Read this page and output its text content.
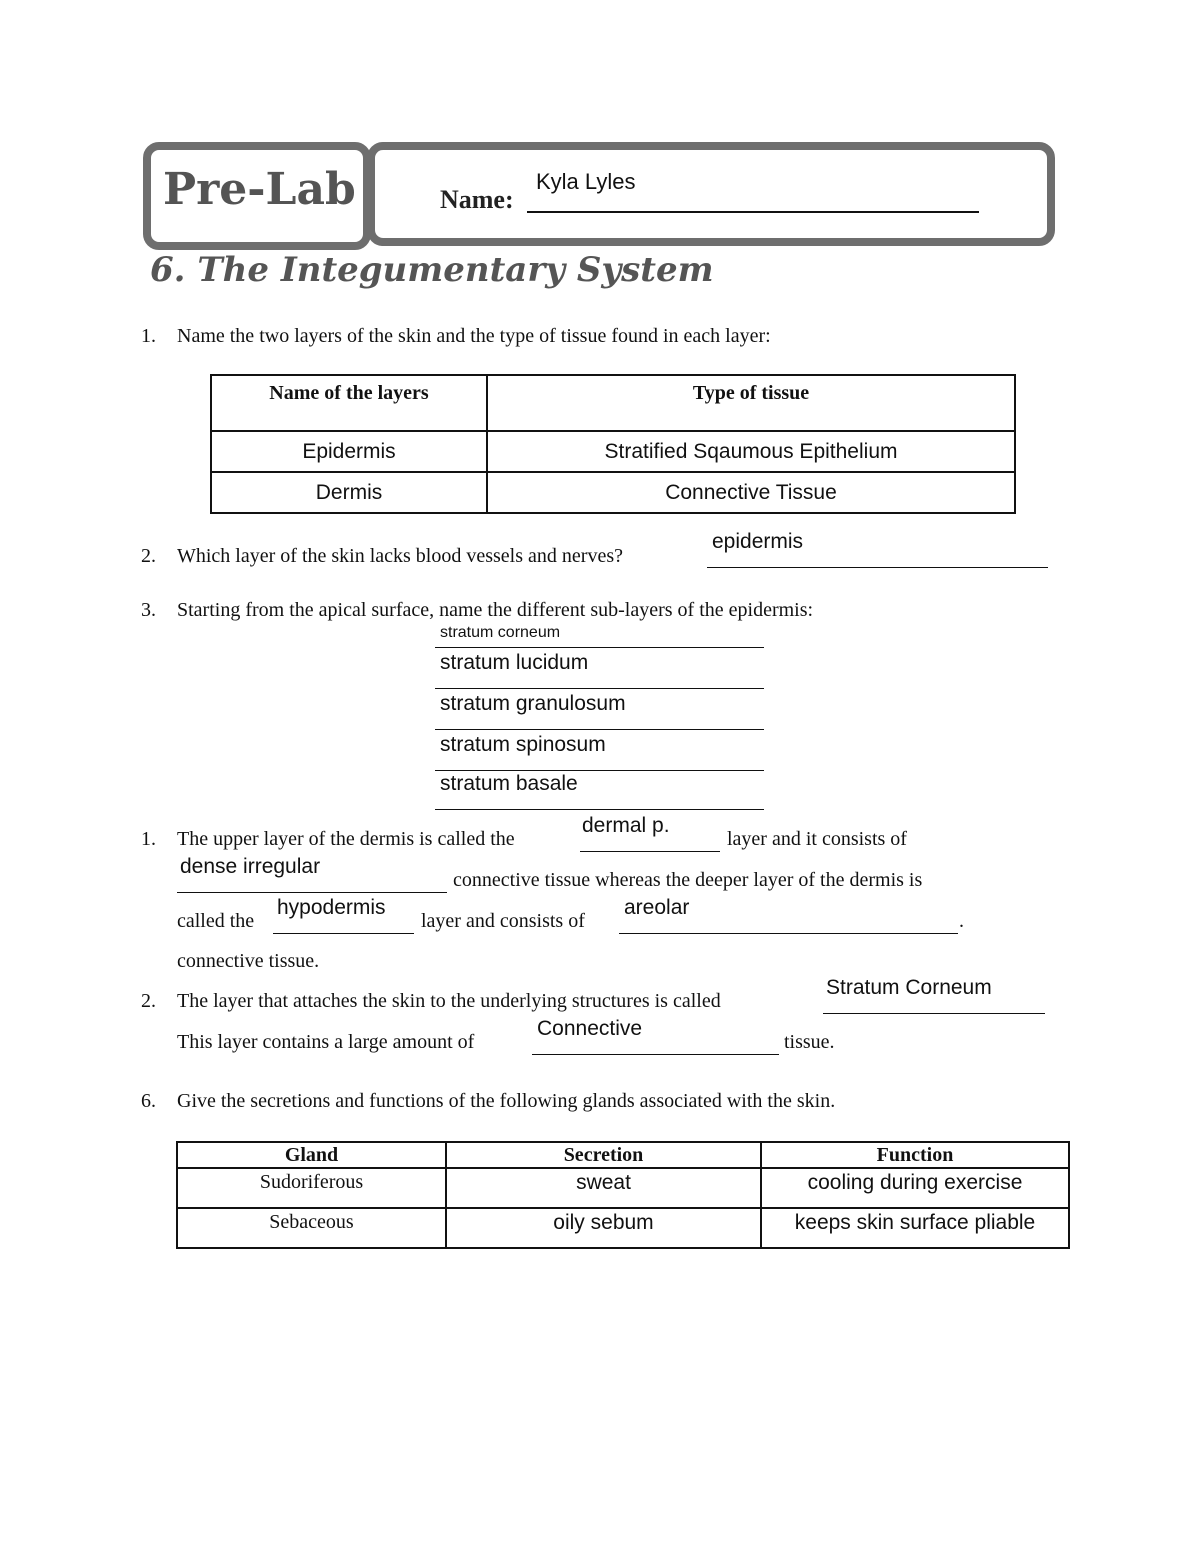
Pre-Lab	Name:
Kyla Lyles
6. The Integumentary System
1. Name the two layers of the skin and the type of tissue found in each layer:
Name of the layers	Type of tissue
Epidermis	Stratified Sqaumous Epithelium
Dermis	Connective Tissue
2. Which layer of the skin lacks blood vessels and nerves?
epidermis
3. Starting from the apical surface, name the different sub-layers of the epidermis:
stratum corneum
stratum lucidum
stratum granulosum
stratum spinosum
stratum basale
1. The upper layer of the dermis is called the
dermal p.
layer and it consists of
dense irregular
connective tissue whereas the deeper layer of the dermis is
called the
hypodermis
layer and consists of
areolar
.
connective tissue.
2. The layer that attaches the skin to the underlying structures is called
Stratum Corneum
This layer contains a large amount of
Connective
tissue.
6. Give the secretions and functions of the following glands associated with the skin.
Gland	Secretion	Function
Sudoriferous	sweat	cooling during exercise
Sebaceous	oily sebum	keeps skin surface pliable
